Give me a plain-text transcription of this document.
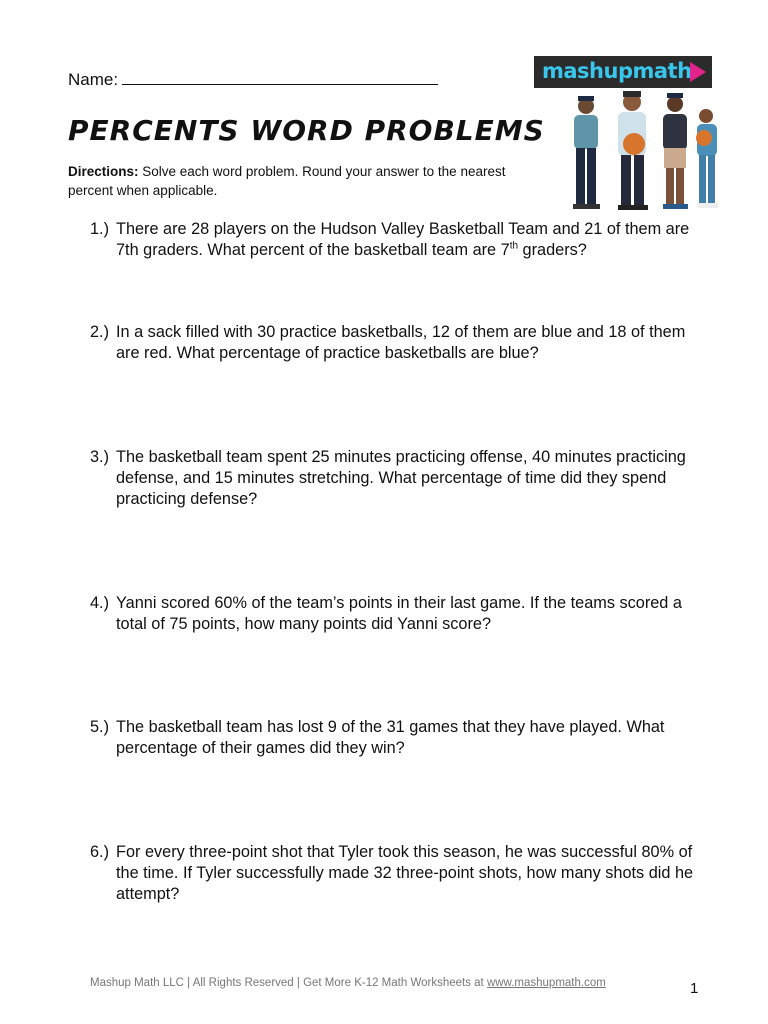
Name:
PERCENTS WORD PROBLEMS
Directions: Solve each word problem. Round your answer to the nearest percent when applicable.
mashupmath
1.) There are 28 players on the Hudson Valley Basketball Team and 21 of them are 7th graders. What percent of the basketball team are 7th graders?
2.) In a sack filled with 30 practice basketballs, 12 of them are blue and 18 of them are red. What percentage of practice basketballs are blue?
3.) The basketball team spent 25 minutes practicing offense, 40 minutes practicing defense, and 15 minutes stretching. What percentage of time did they spend practicing defense?
4.) Yanni scored 60% of the team’s points in their last game. If the teams scored a total of 75 points, how many points did Yanni score?
5.) The basketball team has lost 9 of the 31 games that they have played. What percentage of their games did they win?
6.) For every three-point shot that Tyler took this season, he was successful 80% of the time. If Tyler successfully made 32 three-point shots, how many shots did he attempt?
Mashup Math LLC | All Rights Reserved | Get More K-12 Math Worksheets at www.mashupmath.com	1
